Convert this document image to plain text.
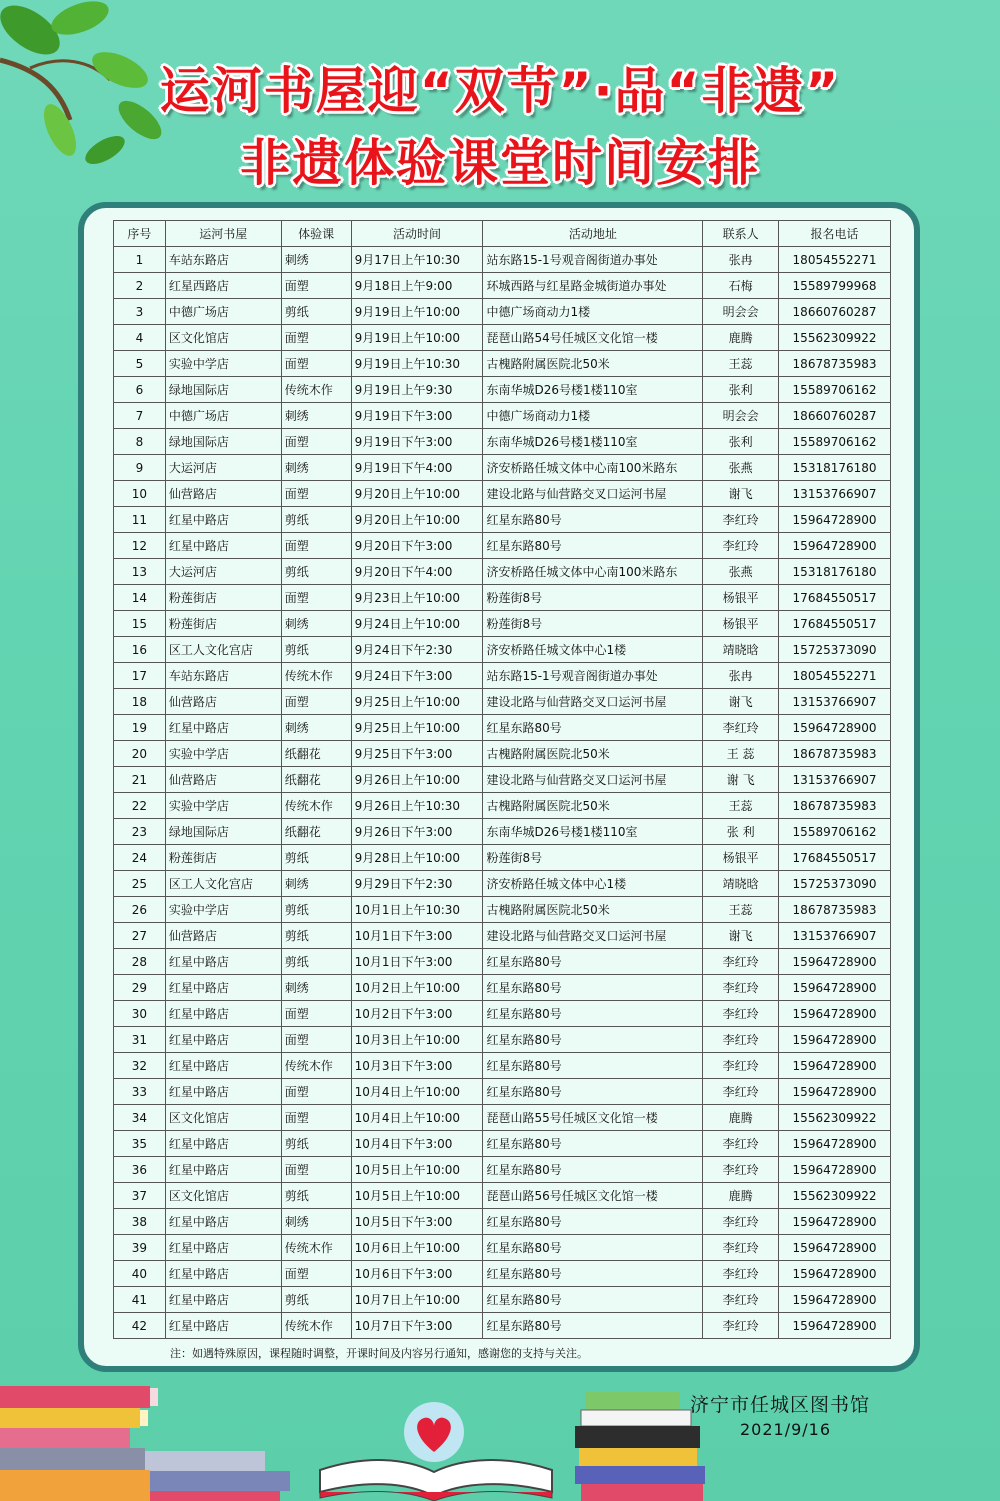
运河书屋迎“双节”·品“非遗”
非遗体验课堂时间安排
序号	运河书屋	体验课	活动时间	活动地址	联系人	报名电话
1	车站东路店	刺绣	9月17日上午10:30	站东路15-1号观音阁街道办事处	张冉	18054552271
2	红星西路店	面塑	9月18日上午9:00	环城西路与红星路金城街道办事处	石梅	15589799968
3	中德广场店	剪纸	9月19日上午10:00	中德广场商动力1楼	明会会	18660760287
4	区文化馆店	面塑	9月19日上午10:00	琵琶山路54号任城区文化馆一楼	鹿腾	15562309922
5	实验中学店	面塑	9月19日上午10:30	古槐路附属医院北50米	王蕊	18678735983
6	绿地国际店	传统木作	9月19日上午9:30	东南华城D26号楼1楼110室	张利	15589706162
7	中德广场店	刺绣	9月19日下午3:00	中德广场商动力1楼	明会会	18660760287
8	绿地国际店	面塑	9月19日下午3:00	东南华城D26号楼1楼110室	张利	15589706162
9	大运河店	刺绣	9月19日下午4:00	济安桥路任城文体中心南100米路东	张燕	15318176180
10	仙营路店	面塑	9月20日上午10:00	建设北路与仙营路交叉口运河书屋	谢飞	13153766907
11	红星中路店	剪纸	9月20日上午10:00	红星东路80号	李红玲	15964728900
12	红星中路店	面塑	9月20日下午3:00	红星东路80号	李红玲	15964728900
13	大运河店	剪纸	9月20日下午4:00	济安桥路任城文体中心南100米路东	张燕	15318176180
14	粉莲街店	面塑	9月23日上午10:00	粉莲街8号	杨银平	17684550517
15	粉莲街店	刺绣	9月24日上午10:00	粉莲街8号	杨银平	17684550517
16	区工人文化宫店	剪纸	9月24日下午2:30	济安桥路任城文体中心1楼	靖晓晗	15725373090
17	车站东路店	传统木作	9月24日下午3:00	站东路15-1号观音阁街道办事处	张冉	18054552271
18	仙营路店	面塑	9月25日上午10:00	建设北路与仙营路交叉口运河书屋	谢飞	13153766907
19	红星中路店	刺绣	9月25日上午10:00	红星东路80号	李红玲	15964728900
20	实验中学店	纸翻花	9月25日下午3:00	古槐路附属医院北50米	王 蕊	18678735983
21	仙营路店	纸翻花	9月26日上午10:00	建设北路与仙营路交叉口运河书屋	谢 飞	13153766907
22	实验中学店	传统木作	9月26日上午10:30	古槐路附属医院北50米	王蕊	18678735983
23	绿地国际店	纸翻花	9月26日下午3:00	东南华城D26号楼1楼110室	张 利	15589706162
24	粉莲街店	剪纸	9月28日上午10:00	粉莲街8号	杨银平	17684550517
25	区工人文化宫店	刺绣	9月29日下午2:30	济安桥路任城文体中心1楼	靖晓晗	15725373090
26	实验中学店	剪纸	10月1日上午10:30	古槐路附属医院北50米	王蕊	18678735983
27	仙营路店	剪纸	10月1日下午3:00	建设北路与仙营路交叉口运河书屋	谢飞	13153766907
28	红星中路店	剪纸	10月1日下午3:00	红星东路80号	李红玲	15964728900
29	红星中路店	刺绣	10月2日上午10:00	红星东路80号	李红玲	15964728900
30	红星中路店	面塑	10月2日下午3:00	红星东路80号	李红玲	15964728900
31	红星中路店	面塑	10月3日上午10:00	红星东路80号	李红玲	15964728900
32	红星中路店	传统木作	10月3日下午3:00	红星东路80号	李红玲	15964728900
33	红星中路店	面塑	10月4日上午10:00	红星东路80号	李红玲	15964728900
34	区文化馆店	面塑	10月4日上午10:00	琵琶山路55号任城区文化馆一楼	鹿腾	15562309922
35	红星中路店	剪纸	10月4日下午3:00	红星东路80号	李红玲	15964728900
36	红星中路店	面塑	10月5日上午10:00	红星东路80号	李红玲	15964728900
37	区文化馆店	剪纸	10月5日上午10:00	琵琶山路56号任城区文化馆一楼	鹿腾	15562309922
38	红星中路店	刺绣	10月5日下午3:00	红星东路80号	李红玲	15964728900
39	红星中路店	传统木作	10月6日上午10:00	红星东路80号	李红玲	15964728900
40	红星中路店	面塑	10月6日下午3:00	红星东路80号	李红玲	15964728900
41	红星中路店	剪纸	10月7日上午10:00	红星东路80号	李红玲	15964728900
42	红星中路店	传统木作	10月7日下午3:00	红星东路80号	李红玲	15964728900
注：如遇特殊原因，课程随时调整，开课时间及内容另行通知，感谢您的支持与关注。
济宁市任城区图书馆
2021/9/16
